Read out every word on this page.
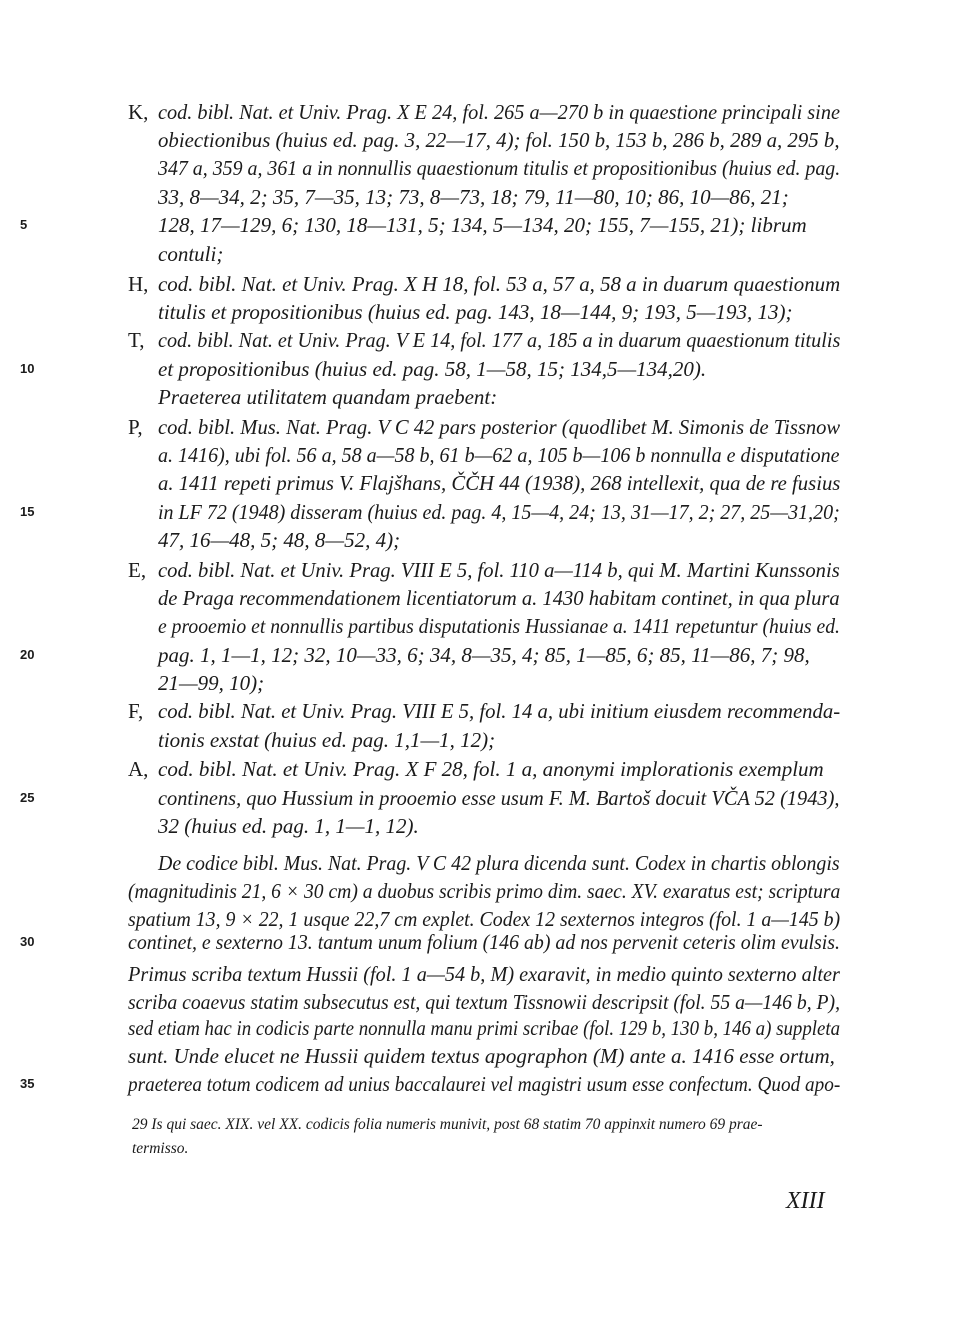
K,
H,
T,
P,
E,
F,
A,
5
10
15
20
25
30
35
cod. bibl. Nat. et Univ. Prag. X E 24, fol. 265 a—270 b in quaestione principali sine
obiectionibus (huius ed. pag. 3, 22—17, 4); fol. 150 b, 153 b, 286 b, 289 a, 295 b,
347 a, 359 a, 361 a in nonnullis quaestionum titulis et propositionibus (huius ed. pag.
33, 8—34, 2; 35, 7—35, 13; 73, 8—73, 18; 79, 11—80, 10; 86, 10—86, 21;
128, 17—129, 6; 130, 18—131, 5; 134, 5—134, 20; 155, 7—155, 21); librum
contuli;
cod. bibl. Nat. et Univ. Prag. X H 18, fol. 53 a, 57 a, 58 a in duarum quaestionum
titulis et propositionibus (huius ed. pag. 143, 18—144, 9; 193, 5—193, 13);
cod. bibl. Nat. et Univ. Prag. V E 14, fol. 177 a, 185 a in duarum quaestionum titulis
et propositionibus (huius ed. pag. 58, 1—58, 15; 134,5—134,20).
Praeterea utilitatem quandam praebent:
cod. bibl. Mus. Nat. Prag. V C 42 pars posterior (quodlibet M. Simonis de Tissnow
a. 1416), ubi fol. 56 a, 58 a—58 b, 61 b—62 a, 105 b—106 b nonnulla e disputatione
a. 1411 repeti primus V. Flajšhans, ČČH 44 (1938), 268 intellexit, qua de re fusius
in LF 72 (1948) disseram (huius ed. pag. 4, 15—4, 24; 13, 31—17, 2; 27, 25—31,20;
47, 16—48, 5; 48, 8—52, 4);
cod. bibl. Nat. et Univ. Prag. VIII E 5, fol. 110 a—114 b, qui M. Martini Kunssonis
de Praga recommendationem licentiatorum a. 1430 habitam continet, in qua plura
e prooemio et nonnullis partibus disputationis Hussianae a. 1411 repetuntur (huius ed.
pag. 1, 1—1, 12; 32, 10—33, 6; 34, 8—35, 4; 85, 1—85, 6; 85, 11—86, 7; 98,
21—99, 10);
cod. bibl. Nat. et Univ. Prag. VIII E 5, fol. 14 a, ubi initium eiusdem recommenda-
tionis exstat (huius ed. pag. 1,1—1, 12);
cod. bibl. Nat. et Univ. Prag. X F 28, fol. 1 a, anonymi implorationis exemplum
continens, quo Hussium in prooemio esse usum F. M. Bartoš docuit VČA 52 (1943),
32 (huius ed. pag. 1, 1—1, 12).
De codice bibl. Mus. Nat. Prag. V C 42 plura dicenda sunt. Codex in chartis oblongis
(magnitudinis 21, 6 × 30 cm) a duobus scribis primo dim. saec. XV. exaratus est; scriptura
spatium 13, 9 × 22, 1 usque 22,7 cm explet. Codex 12 sexternos integros (fol. 1 a—145 b)
continet, e sexterno 13. tantum unum folium (146 ab) ad nos pervenit ceteris olim evulsis.
Primus scriba textum Hussii (fol. 1 a—54 b, M) exaravit, in medio quinto sexterno alter
scriba coaevus statim subsecutus est, qui textum Tissnowii descripsit (fol. 55 a—146 b, P),
sed etiam hac in codicis parte nonnulla manu primi scribae (fol. 129 b, 130 b, 146 a) suppleta
sunt. Unde elucet ne Hussii quidem textus apographon (M) ante a. 1416 esse ortum,
praeterea totum codicem ad unius baccalaurei vel magistri usum esse confectum. Quod apo-
29 Is qui saec. XIX. vel XX. codicis folia numeris munivit, post 68 statim 70 appinxit numero 69 prae-
termisso.
XIII
